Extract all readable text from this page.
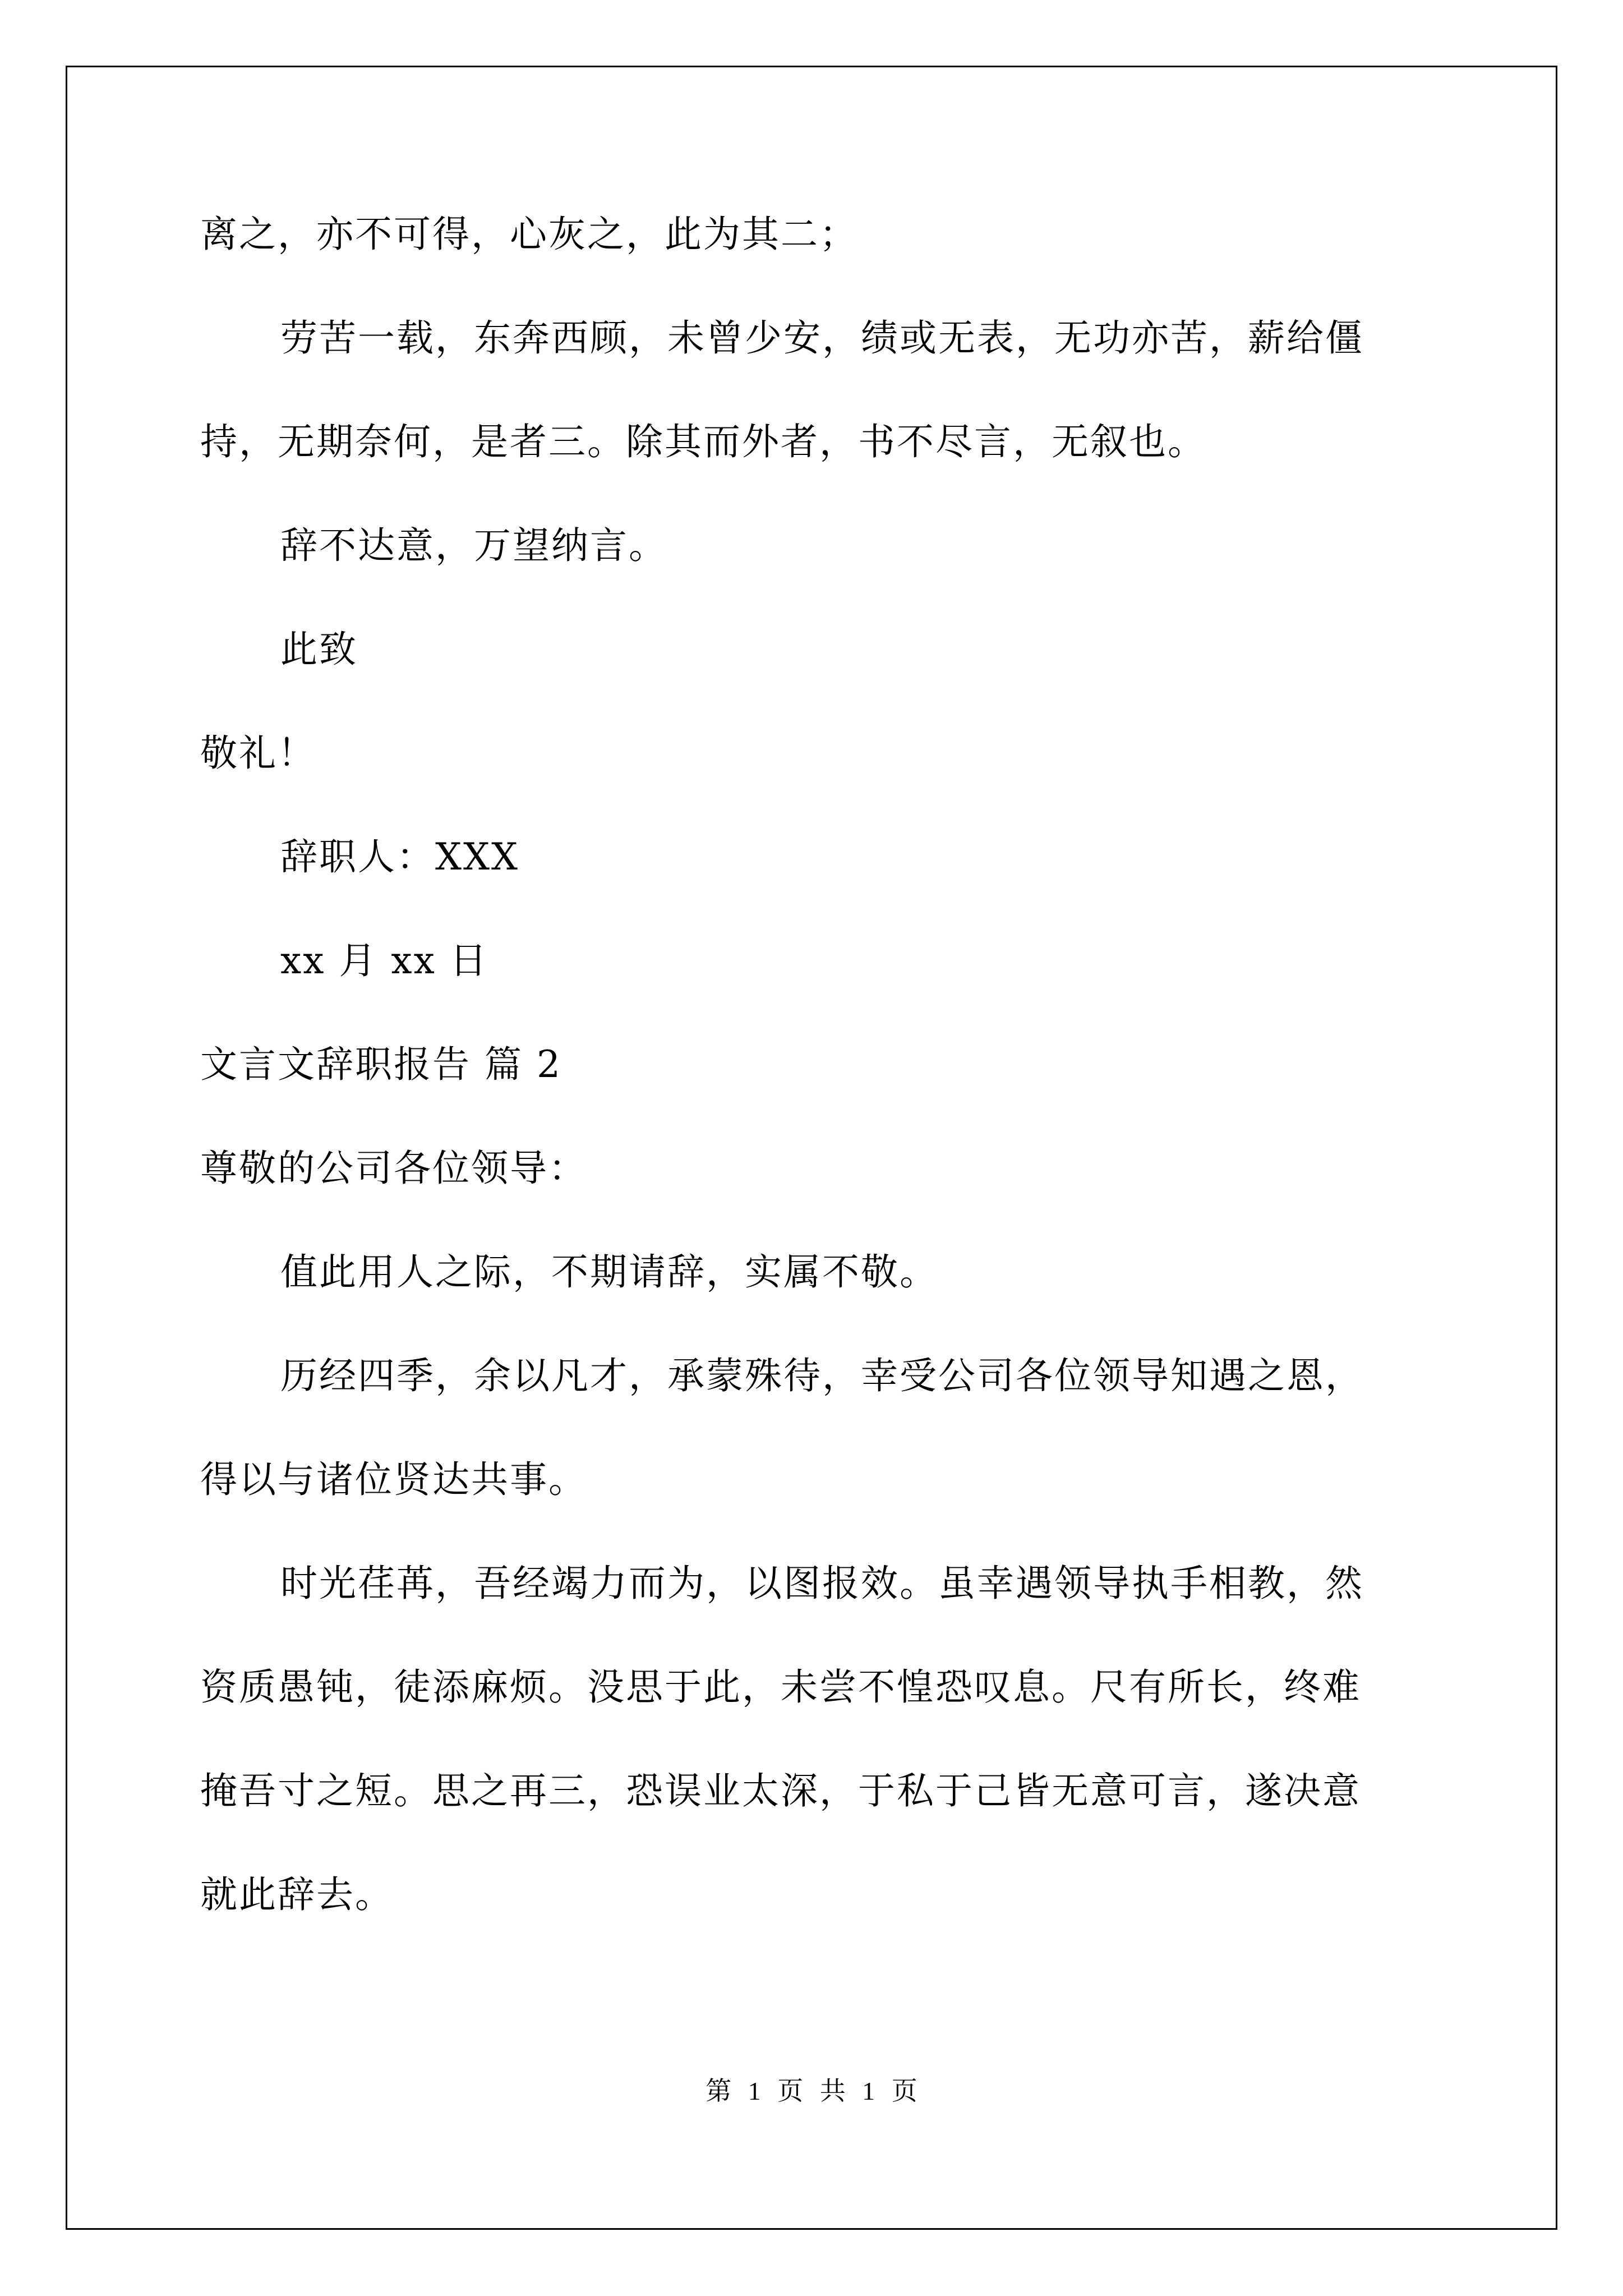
离之，亦不可得，心灰之，此为其二；
劳苦一载，东奔西顾，未曾少安，绩或无表，无功亦苦，薪给僵
持，无期奈何，是者三。除其而外者，书不尽言，无叙也。
辞不达意，万望纳言。
此致
敬礼！
辞职人：XXX
xx 月 xx 日
文言文辞职报告 篇 2
尊敬的公司各位领导：
值此用人之际，不期请辞，实属不敬。
历经四季，余以凡才，承蒙殊待，幸受公司各位领导知遇之恩，
得以与诸位贤达共事。
时光荏苒，吾经竭力而为，以图报效。虽幸遇领导执手相教，然
资质愚钝，徒添麻烦。没思于此，未尝不惶恐叹息。尺有所长，终难
掩吾寸之短。思之再三，恐误业太深，于私于己皆无意可言，遂决意
就此辞去。
第 1 页 共 1 页
